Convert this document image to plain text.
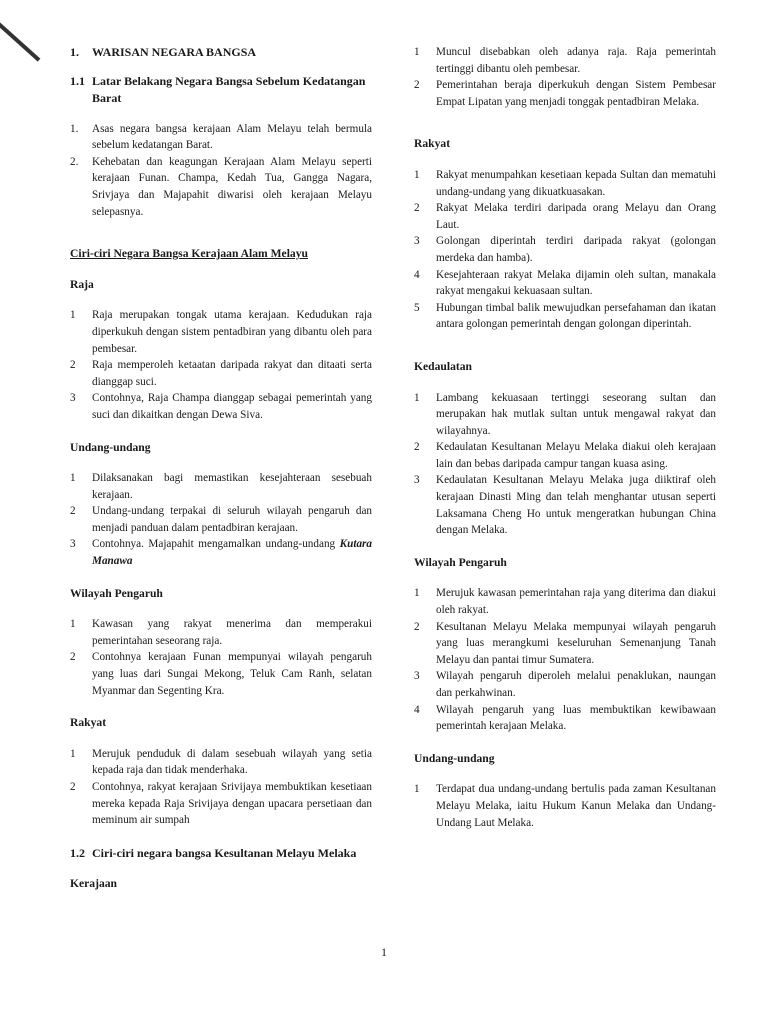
1. WARISAN NEGARA BANGSA
1.1 Latar Belakang Negara Bangsa Sebelum Kedatangan Barat
1.	Asas negara bangsa kerajaan Alam Melayu telah bermula sebelum kedatangan Barat.
2.	Kehebatan dan keagungan Kerajaan Alam Melayu seperti kerajaan Funan. Champa, Kedah Tua, Gangga Nagara, Srivjaya dan Majapahit diwarisi oleh kerajaan Melayu selepasnya.
Ciri-ciri Negara Bangsa Kerajaan Alam Melayu
Raja
1	Raja merupakan tongak utama kerajaan. Kedudukan raja diperkukuh dengan sistem pentadbiran yang dibantu oleh para pembesar.
2	Raja memperoleh ketaatan daripada rakyat dan ditaati serta dianggap suci.
3	Contohnya, Raja Champa dianggap sebagai pemerintah yang suci dan dikaitkan dengan Dewa Siva.
Undang-undang
1	Dilaksanakan bagi memastikan kesejahteraan sesebuah kerajaan.
2	Undang-undang terpakai di seluruh wilayah pengaruh dan menjadi panduan dalam pentadbiran kerajaan.
3	Contohnya. Majapahit mengamalkan undang-undang Kutara Manawa
Wilayah Pengaruh
1	Kawasan yang rakyat menerima dan memperakui pemerintahan seseorang raja.
2	Contohnya kerajaan Funan mempunyai wilayah pengaruh yang luas dari Sungai Mekong, Teluk Cam Ranh, selatan Myanmar dan Segenting Kra.
Rakyat
1	Merujuk penduduk di dalam sesebuah wilayah yang setia kepada raja dan tidak menderhaka.
2	Contohnya, rakyat kerajaan Srivijaya membuktikan kesetiaan mereka kepada Raja Srivijaya dengan upacara persetiaan dan meminum air sumpah
1.2 Ciri-ciri negara bangsa Kesultanan Melayu Melaka
Kerajaan
1	Muncul disebabkan oleh adanya raja. Raja pemerintah tertinggi dibantu oleh pembesar.
2	Pemerintahan beraja diperkukuh dengan Sistem Pembesar Empat Lipatan yang menjadi tonggak pentadbiran Melaka.
Rakyat
1	Rakyat menumpahkan kesetiaan kepada Sultan dan mematuhi undang-undang yang dikuatkuasakan.
2	Rakyat Melaka terdiri daripada orang Melayu dan Orang Laut.
3	Golongan diperintah terdiri daripada rakyat (golongan merdeka dan hamba).
4	Kesejahteraan rakyat Melaka dijamin oleh sultan, manakala rakyat mengakui kekuasaan sultan.
5	Hubungan timbal balik mewujudkan persefahaman dan ikatan antara golongan pemerintah dengan golongan diperintah.
Kedaulatan
1	Lambang kekuasaan tertinggi seseorang sultan dan merupakan hak mutlak sultan untuk mengawal rakyat dan wilayahnya.
2	Kedaulatan Kesultanan Melayu Melaka diakui oleh kerajaan lain dan bebas daripada campur tangan kuasa asing.
3	Kedaulatan Kesultanan Melayu Melaka juga diiktiraf oleh kerajaan Dinasti Ming dan telah menghantar utusan seperti Laksamana Cheng Ho untuk mengeratkan hubungan China dengan Melaka.
Wilayah Pengaruh
1	Merujuk kawasan pemerintahan raja yang diterima dan diakui oleh rakyat.
2	Kesultanan Melayu Melaka mempunyai wilayah pengaruh yang luas merangkumi keseluruhan Semenanjung Tanah Melayu dan pantai timur Sumatera.
3	Wilayah pengaruh diperoleh melalui penaklukan, naungan dan perkahwinan.
4	Wilayah pengaruh yang luas membuktikan kewibawaan pemerintah kerajaan Melaka.
Undang-undang
1	Terdapat dua undang-undang bertulis pada zaman Kesultanan Melayu Melaka, iaitu Hukum Kanun Melaka dan Undang-Undang Laut Melaka.
1
